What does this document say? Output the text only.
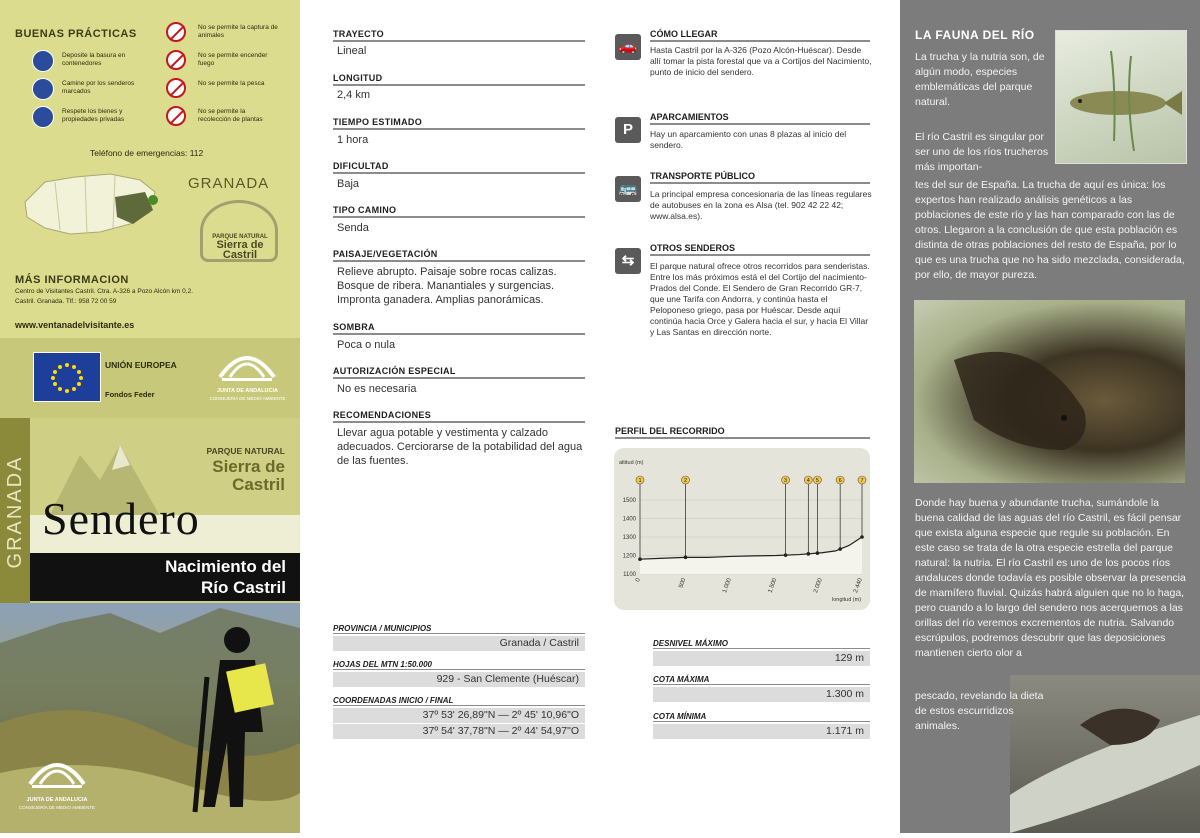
BUENAS PRÁCTICAS
Deposite la basura en contenedores
Camine por los senderos marcados
Respete los bienes y propiedades privadas
No se permite la captura de animales
No se permite encender fuego
No se permite la pesca
No se permite la recolección de plantas
Teléfono de emergencias: 112
GRANADA
PARQUE NATURAL
Sierra de
Castril
MÁS INFORMACION
Centro de Visitantes Castril. Ctra. A-326 a Pozo Alcón km 0,2.
Castril. Granada. Tlf.: 958 72 00 59
www.ventanadelvisitante.es
UNIÓN EUROPEA
Fondos Feder	JUNTA DE ANDALUCIA
CONSEJERÍA DE MEDIO AMBIENTE
GRANADA
PARQUE NATURAL
Sierra de
Castril
Sendero
Nacimiento del
Río Castril
JUNTA DE ANDALUCIA
CONSEJERÍA DE MEDIO AMBIENTE
TRAYECTO
Lineal
LONGITUD
2,4 km
TIEMPO ESTIMADO
1 hora
DIFICULTAD
Baja
TIPO CAMINO
Senda
PAISAJE/VEGETACIÓN
Relieve abrupto. Paisaje sobre rocas calizas. Bosque de ribera. Manantiales y surgencias. Impronta ganadera. Amplias panorámicas.
SOMBRA
Poca o nula
AUTORIZACIÓN ESPECIAL
No es necesaria
RECOMENDACIONES
Llevar agua potable y vestimenta y calzado adecuados. Cerciorarse de la potabilidad del agua de las fuentes.
🚗
CÓMO LLEGAR
Hasta Castril por la A-326 (Pozo Alcón-Huéscar). Desde allí tomar la pista forestal que va a Cortijos del Nacimiento, punto de inicio del sendero.
P
APARCAMIENTOS
Hay un aparcamiento con unas 8 plazas al inicio del sendero.
🚌
TRANSPORTE PÚBLICO
La principal empresa concesionaria de las líneas regulares de autobuses en la zona es Alsa (tel. 902 42 22 42; www.alsa.es).
⇆
OTROS SENDEROS
El parque natural ofrece otros recorridos para senderistas. Entre los más próximos está el del Cortijo del nacimiento-Prados del Conde. El Sendero de Gran Recorrido GR-7, que une Tarifa con Andorra, y continúa hasta el Peloponeso griego, pasa por Huéscar. Desde aquí continúa hacia Orce y Galera hacia el sur, y hacia El Villar y Las Santas en dirección norte.
PERFIL DEL RECORRIDO
altitud (m)
longitud (m)
1100
1200
1300
1400
1500
0	500	1.000	1.500	2.000	2.440
1	2	3	4 5	6	7
PROVINCIA / MUNICIPIOS
Granada / Castril
HOJAS DEL MTN 1:50.000
929 - San Clemente (Huéscar)
COORDENADAS INICIO / FINAL
37º 53' 26,89"N — 2º 45' 10,96"O
37º 54' 37,78"N — 2º 44' 54,97"O
DESNIVEL MÁXIMO
129 m
COTA MÁXIMA
1.300 m
COTA MÍNIMA
1.171 m
LA FAUNA DEL RÍO
La trucha y la nutria son, de algún modo, especies emblemáticas del parque natural.
El río Castril es singular por ser uno de los ríos trucheros más importan-
tes del sur de España. La trucha de aquí es única: los expertos han realizado análisis genéticos a las poblaciones de este río y las han comparado con las de otros. Llegaron a la conclusión de que esta población es distinta de otras poblaciones del resto de España, por lo que es una trucha que no ha sido mezclada, considerada, por ello, de mayor pureza.
Donde hay buena y abundante trucha, sumándole la buena calidad de las aguas del río Castril, es fácil pensar que exista alguna especie que regule su población. En este caso se trata de la otra especie estrella del parque natural: la nutria. El río Castril es uno de los pocos ríos andaluces donde todavía es posible observar la presencia de mamífero fluvial. Quizás habrá alguien que no lo haga, pero cuando a lo largo del sendero nos acerquemos a las orillas del río veremos excrementos de nutria. Salvando escrúpulos, podremos descubrir que las deposiciones mantienen cierto olor a
pescado, revelando la dieta de estos escurridizos animales.
